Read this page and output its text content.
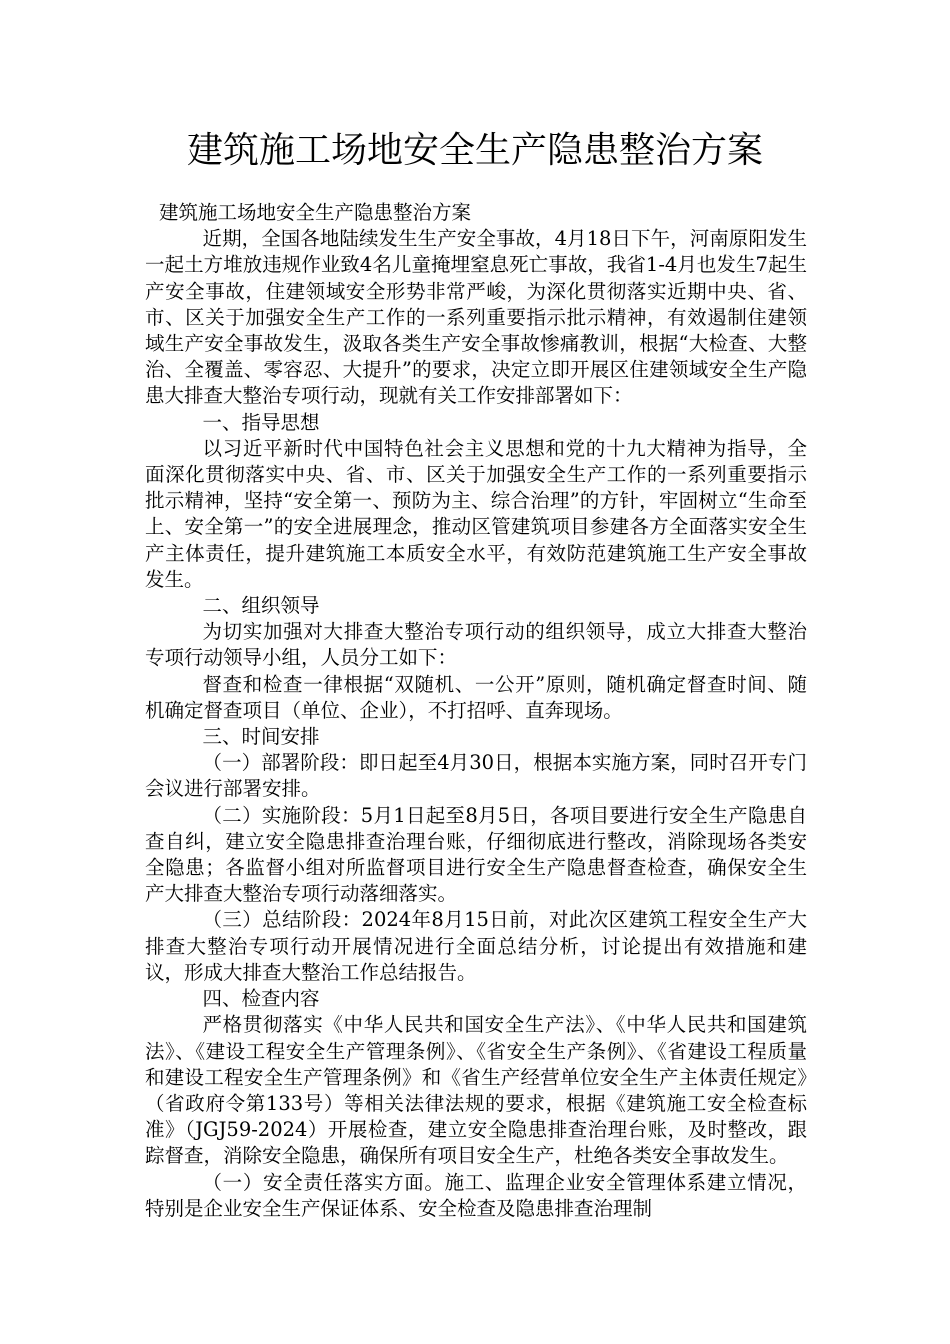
建筑施工场地安全生产隐患整治方案

建筑施工场地安全生产隐患整治方案

近期，全国各地陆续发生生产安全事故，4月18日下午，河南原阳发生一起土方堆放违规作业致4名儿童掩埋窒息死亡事故，我省1-4月也发生7起生产安全事故，住建领域安全形势非常严峻，为深化贯彻落实近期中央、省、市、区关于加强安全生产工作的一系列重要指示批示精神，有效遏制住建领域生产安全事故发生，汲取各类生产安全事故惨痛教训，根据“大检查、大整治、全覆盖、零容忍、大提升”的要求，决定立即开展区住建领域安全生产隐患大排查大整治专项行动，现就有关工作安排部署如下：

一、指导思想

以习近平新时代中国特色社会主义思想和党的十九大精神为指导，全面深化贯彻落实中央、省、市、区关于加强安全生产工作的一系列重要指示批示精神，坚持“安全第一、预防为主、综合治理”的方针，牢固树立“生命至上、安全第一”的安全进展理念，推动区管建筑项目参建各方全面落实安全生产主体责任，提升建筑施工本质安全水平，有效防范建筑施工生产安全事故发生。

二、组织领导

为切实加强对大排查大整治专项行动的组织领导，成立大排查大整治专项行动领导小组，人员分工如下：

督查和检查一律根据“双随机、一公开”原则，随机确定督查时间、随机确定督查项目（单位、企业），不打招呼、直奔现场。

三、时间安排

（一）部署阶段：即日起至4月30日，根据本实施方案，同时召开专门会议进行部署安排。

（二）实施阶段：5月1日起至8月5日，各项目要进行安全生产隐患自查自纠，建立安全隐患排查治理台账，仔细彻底进行整改，消除现场各类安全隐患；各监督小组对所监督项目进行安全生产隐患督查检查，确保安全生产大排查大整治专项行动落细落实。

（三）总结阶段：2024年8月15日前，对此次区建筑工程安全生产大排查大整治专项行动开展情况进行全面总结分析，讨论提出有效措施和建议，形成大排查大整治工作总结报告。

四、检查内容

严格贯彻落实《中华人民共和国安全生产法》、《中华人民共和国建筑法》、《建设工程安全生产管理条例》、《省安全生产条例》、《省建设工程质量和建设工程安全生产管理条例》和《省生产经营单位安全生产主体责任规定》（省政府令第133号）等相关法律法规的要求，根据《建筑施工安全检查标准》（JGJ59-2024）开展检查，建立安全隐患排查治理台账，及时整改，跟踪督查，消除安全隐患，确保所有项目安全生产，杜绝各类安全事故发生。

（一）安全责任落实方面。施工、监理企业安全管理体系建立情况，特别是企业安全生产保证体系、安全检查及隐患排查治理制
